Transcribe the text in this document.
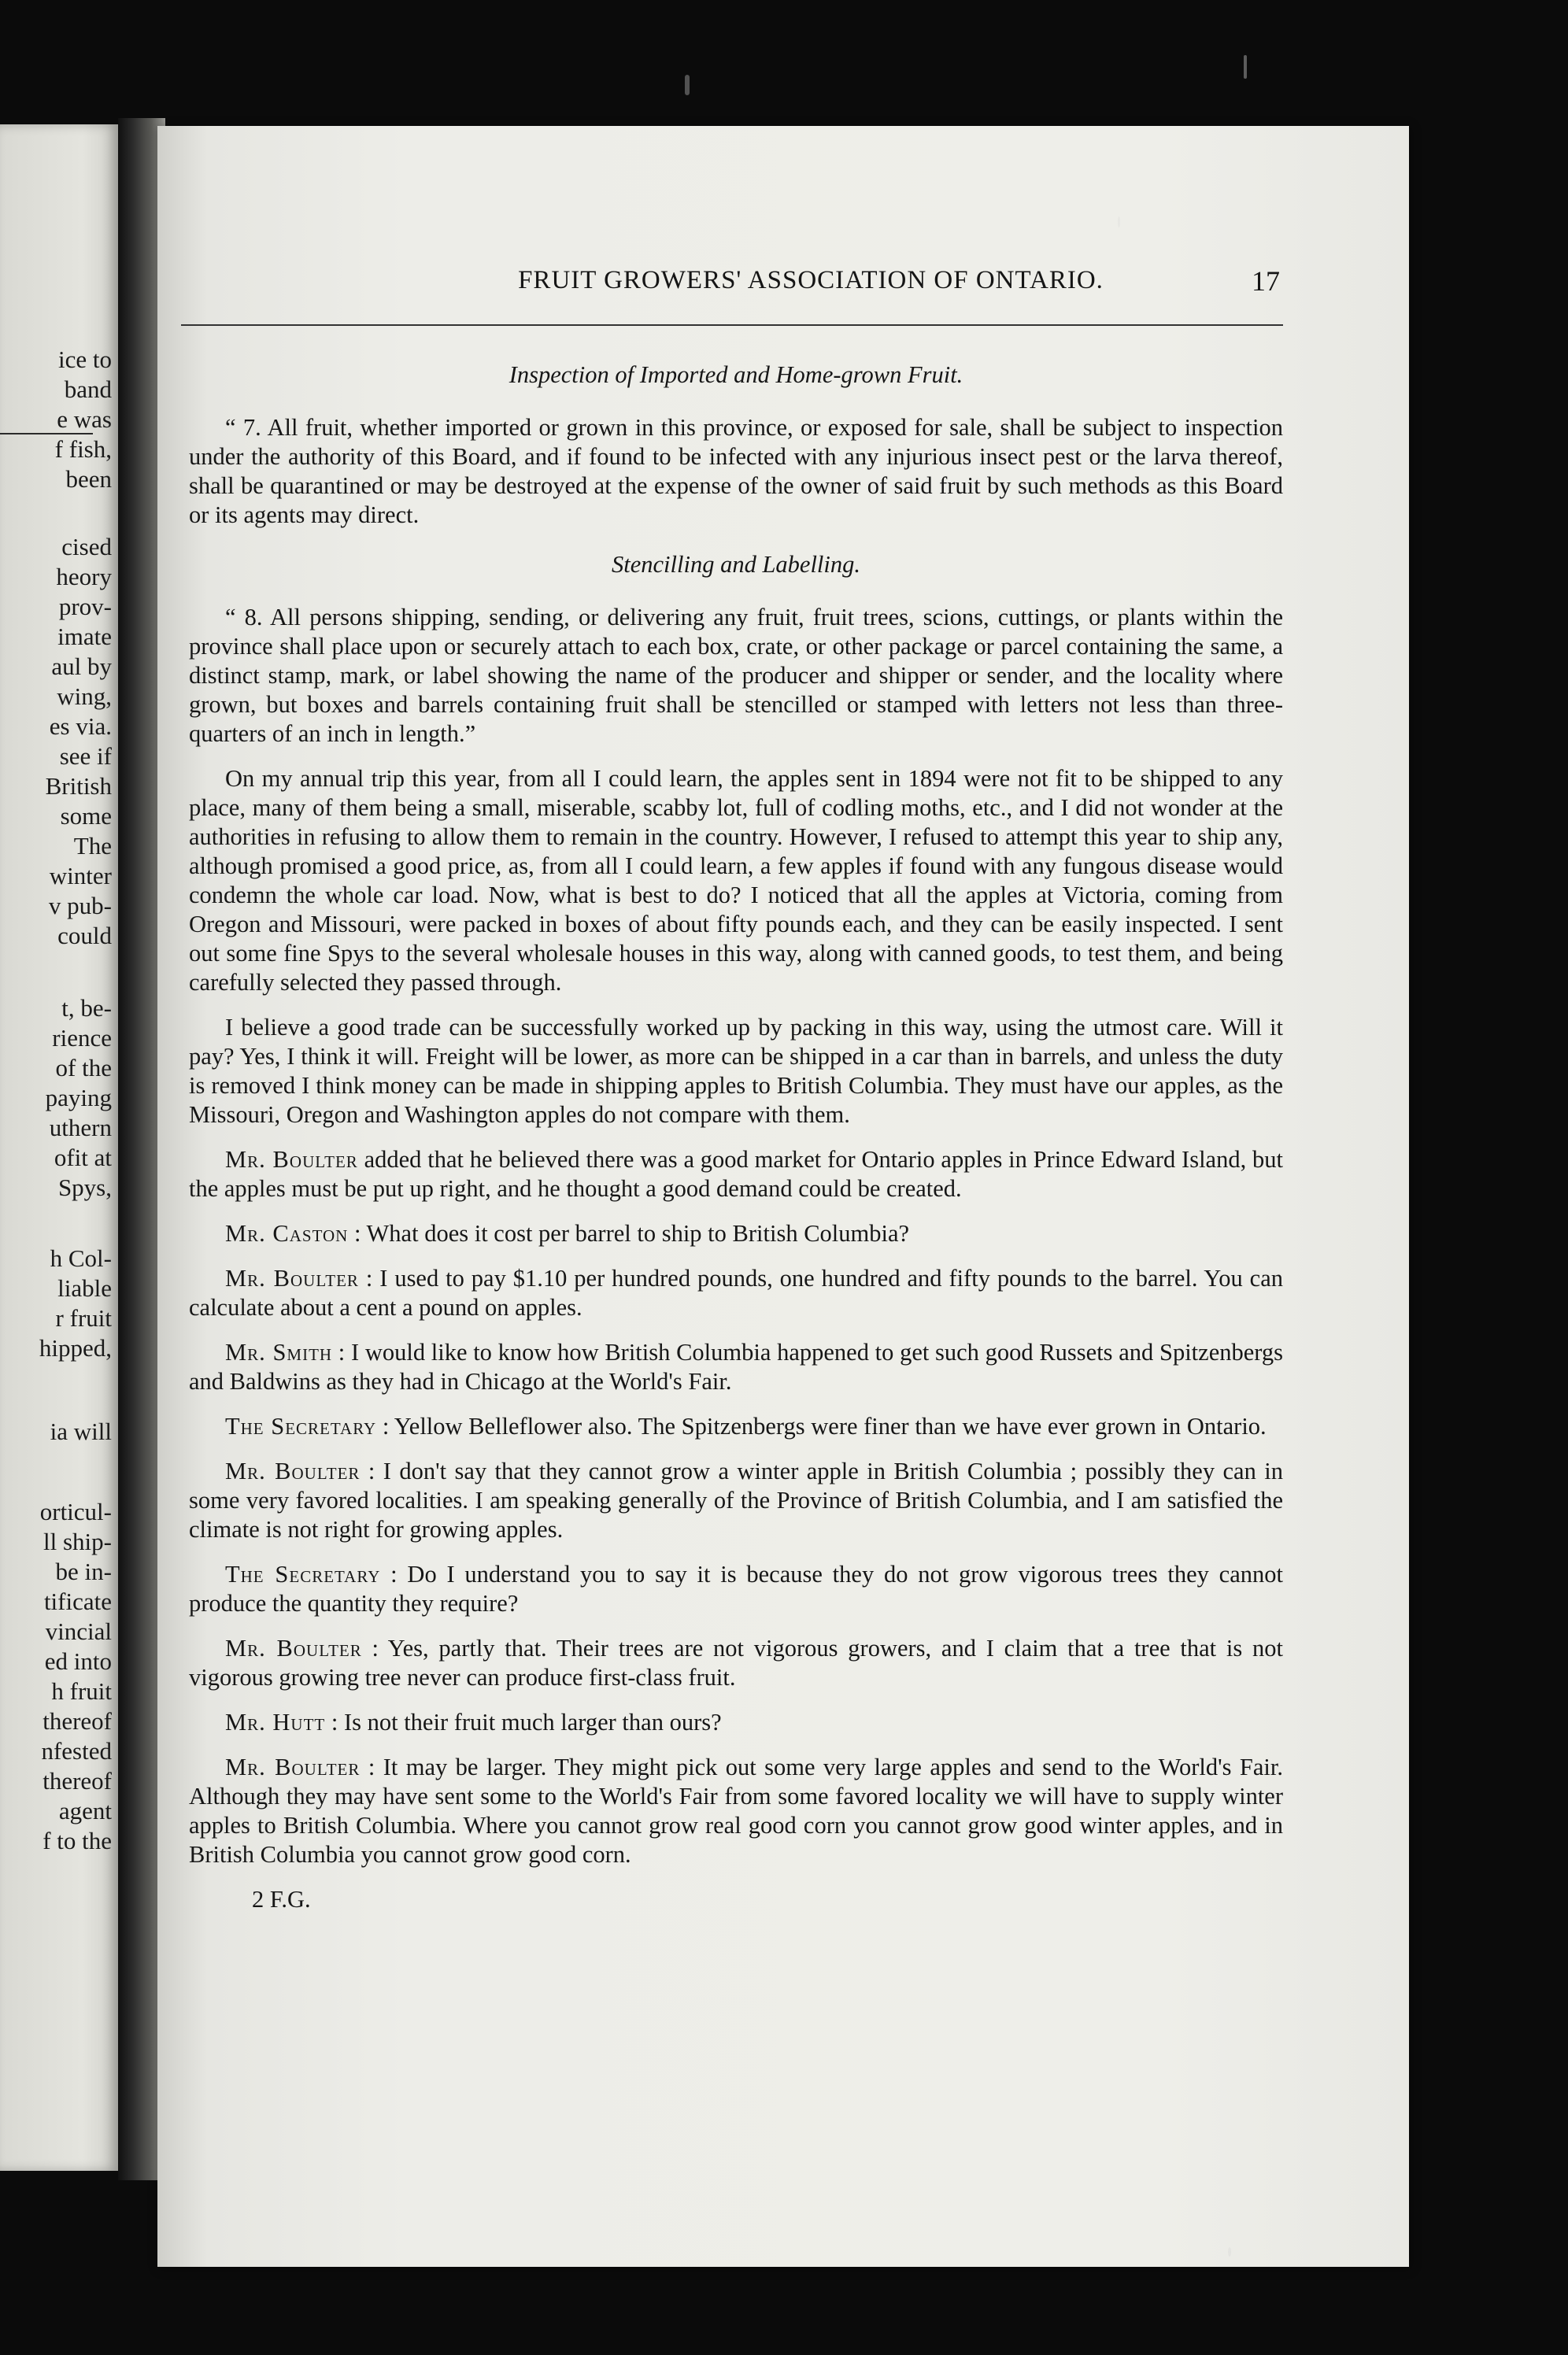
ice to
band
e was
f fish,
been
cised
heory
prov-
imate
aul by
wing,
es via.
see if
British
some
The
winter
v pub-
could
t, be-
rience
of the
paying
uthern
ofit at
Spys,
h Col-
liable
r fruit
hipped,
ia will
orticul-
ll ship-
be in-
tificate
vincial
ed into
h fruit
thereof
nfested
thereof
agent
f to the
FRUIT GROWERS' ASSOCIATION OF ONTARIO.	17

Inspection of Imported and Home-grown Fruit.

“ 7. All fruit, whether imported or grown in this province, or exposed for sale, shall be subject to inspection under the authority of this Board, and if found to be infected with any injurious insect pest or the larva thereof, shall be quarantined or may be destroyed at the expense of the owner of said fruit by such methods as this Board or its agents may direct.

Stencilling and Labelling.

“ 8. All persons shipping, sending, or delivering any fruit, fruit trees, scions, cuttings, or plants within the province shall place upon or securely attach to each box, crate, or other package or parcel containing the same, a distinct stamp, mark, or label showing the name of the producer and shipper or sender, and the locality where grown, but boxes and barrels containing fruit shall be stencilled or stamped with letters not less than three-quarters of an inch in length.”

On my annual trip this year, from all I could learn, the apples sent in 1894 were not fit to be shipped to any place, many of them being a small, miserable, scabby lot, full of codling moths, etc., and I did not wonder at the authorities in refusing to allow them to remain in the country. However, I refused to attempt this year to ship any, although promised a good price, as, from all I could learn, a few apples if found with any fungous disease would condemn the whole car load. Now, what is best to do? I noticed that all the apples at Victoria, coming from Oregon and Missouri, were packed in boxes of about fifty pounds each, and they can be easily inspected. I sent out some fine Spys to the several wholesale houses in this way, along with canned goods, to test them, and being carefully selected they passed through.

I believe a good trade can be successfully worked up by packing in this way, using the utmost care. Will it pay? Yes, I think it will. Freight will be lower, as more can be shipped in a car than in barrels, and unless the duty is removed I think money can be made in shipping apples to British Columbia. They must have our apples, as the Missouri, Oregon and Washington apples do not compare with them.

Mr. Boulter added that he believed there was a good market for Ontario apples in Prince Edward Island, but the apples must be put up right, and he thought a good demand could be created.

Mr. Caston : What does it cost per barrel to ship to British Columbia?

Mr. Boulter : I used to pay $1.10 per hundred pounds, one hundred and fifty pounds to the barrel. You can calculate about a cent a pound on apples.

Mr. Smith : I would like to know how British Columbia happened to get such good Russets and Spitzenbergs and Baldwins as they had in Chicago at the World's Fair.

The Secretary : Yellow Belleflower also. The Spitzenbergs were finer than we have ever grown in Ontario.

Mr. Boulter : I don't say that they cannot grow a winter apple in British Columbia ; possibly they can in some very favored localities. I am speaking generally of the Province of British Columbia, and I am satisfied the climate is not right for growing apples.

The Secretary : Do I understand you to say it is because they do not grow vigorous trees they cannot produce the quantity they require?

Mr. Boulter : Yes, partly that. Their trees are not vigorous growers, and I claim that a tree that is not vigorous growing tree never can produce first-class fruit.

Mr. Hutt : Is not their fruit much larger than ours?

Mr. Boulter : It may be larger. They might pick out some very large apples and send to the World's Fair. Although they may have sent some to the World's Fair from some favored locality we will have to supply winter apples to British Columbia. Where you cannot grow real good corn you cannot grow good winter apples, and in British Columbia you cannot grow good corn.

2 F.G.
